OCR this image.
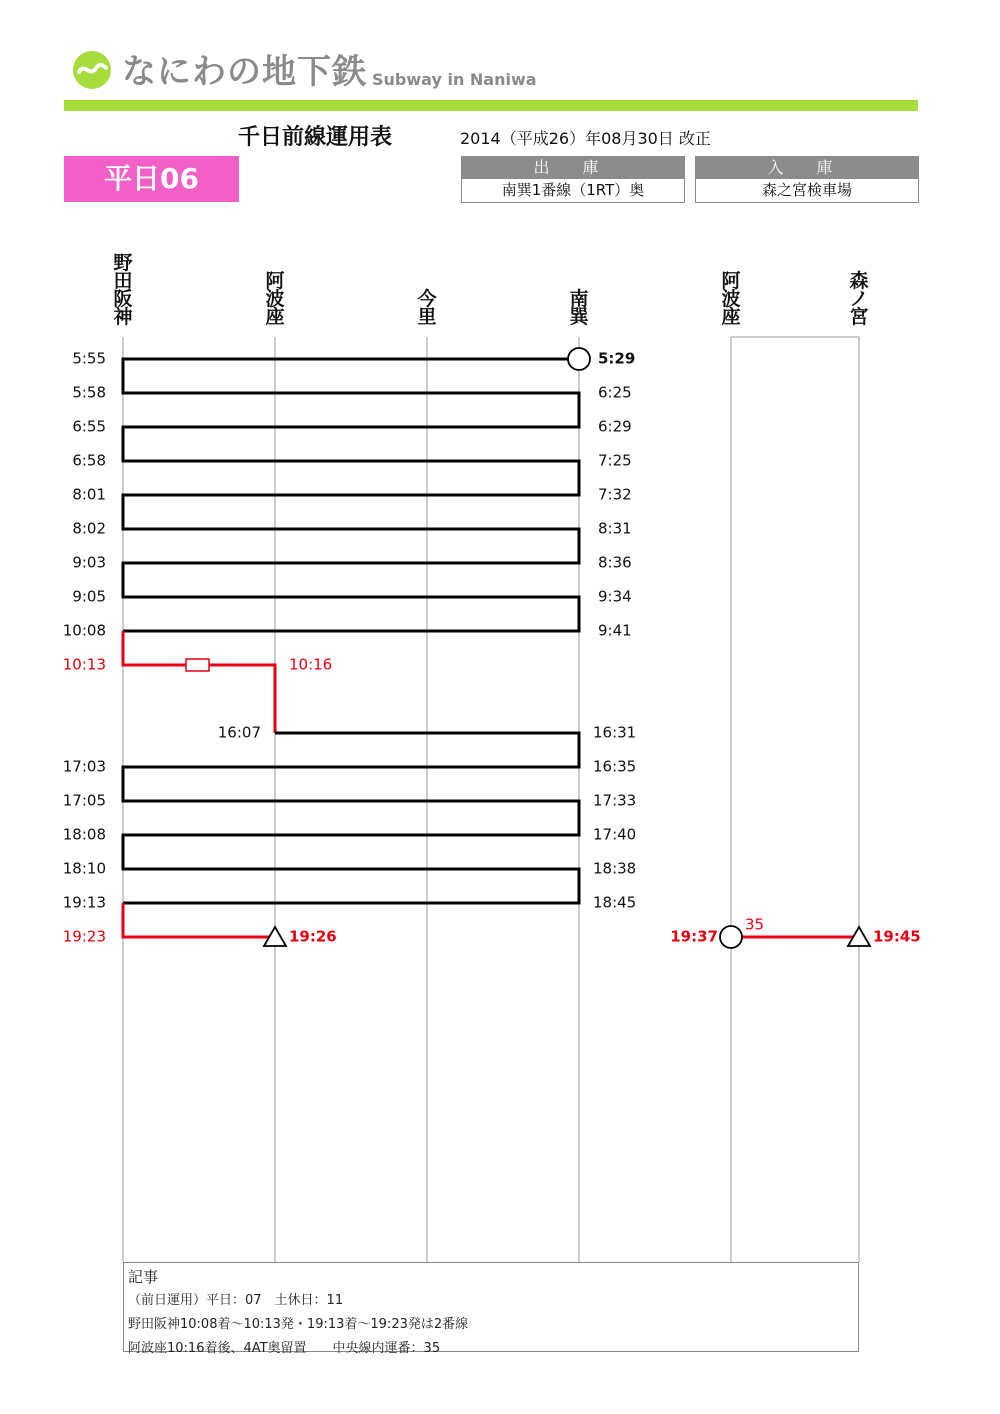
なにわの地下鉄 Subway in Naniwa
千日前線運用表	2014（平成26）年08月30日 改正
平日06	出 庫
南巽1番線（1RT）奥
入 庫
森之宮検車場
野
田
阪
神
阿
波
座
今
里
南
巽
阿
波
座
森
ノ
宮
5:55
5:58
6:55
6:58
8:01
8:02
9:03
9:05
10:08
10:13
16:07
17:03
17:05
18:08
18:10
19:13
19:23
5:29
6:25
6:29
7:25
7:32
8:31
8:36
9:34
9:41
10:16
16:31
16:35
17:33
17:40
18:38
18:45
19:26	19:37	19:45
35
記事
（前日運用）平日：07　土休日：11
野田阪神10:08着〜10:13発・19:13着〜19:23発は2番線
阿波座10:16着後、4AT奥留置　　中央線内運番：35
